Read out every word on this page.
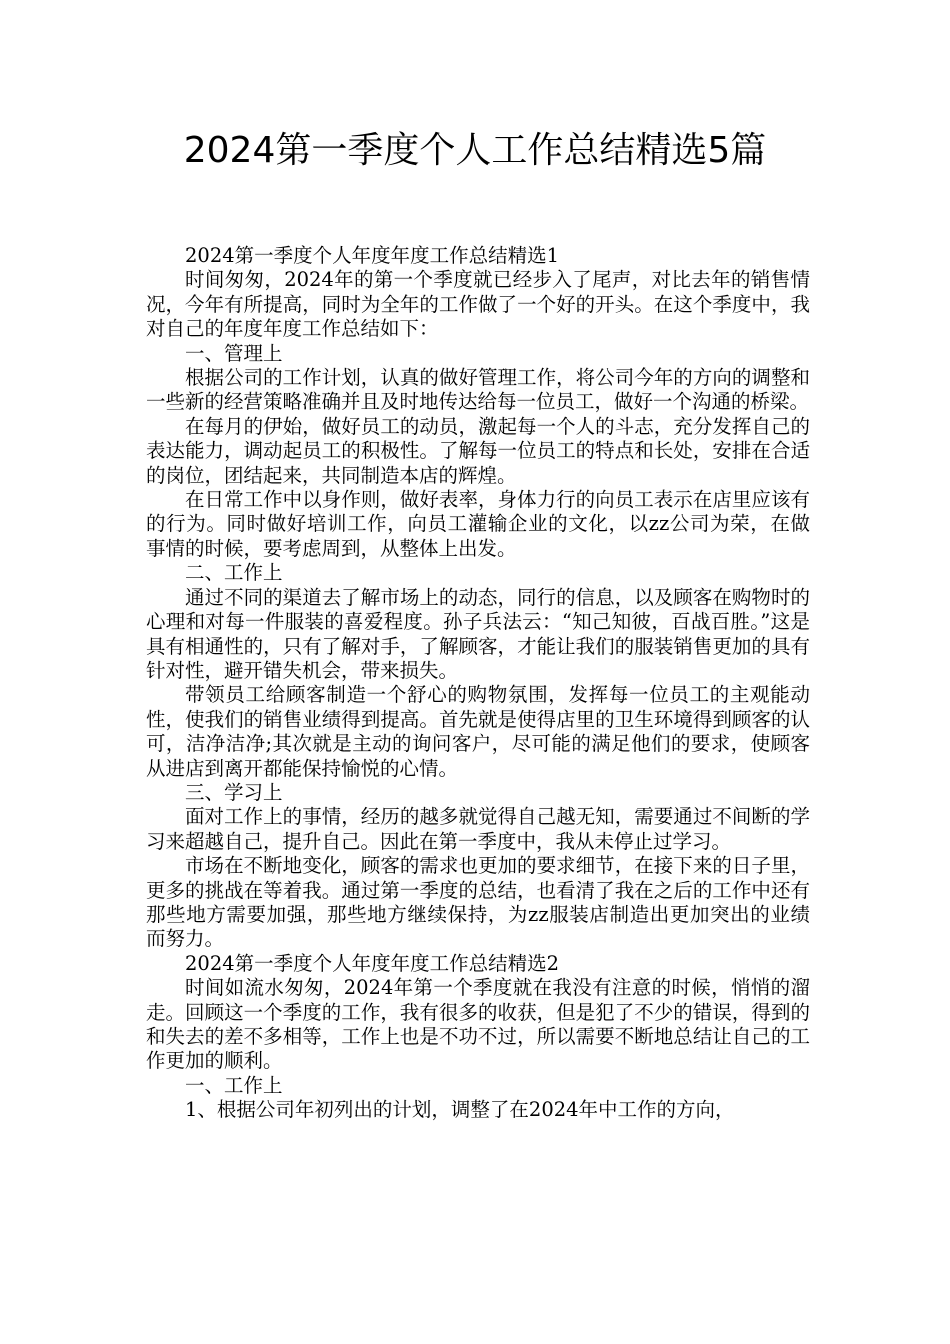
2024第一季度个人工作总结精选5篇

2024第一季度个人年度年度工作总结精选1

时间匆匆，2024年的第一个季度就已经步入了尾声，对比去年的销售情况，今年有所提高，同时为全年的工作做了一个好的开头。在这个季度中，我对自己的年度年度工作总结如下：

一、管理上

根据公司的工作计划，认真的做好管理工作，将公司今年的方向的调整和一些新的经营策略准确并且及时地传达给每一位员工，做好一个沟通的桥梁。

在每月的伊始，做好员工的动员，激起每一个人的斗志，充分发挥自己的表达能力，调动起员工的积极性。了解每一位员工的特点和长处，安排在合适的岗位，团结起来，共同制造本店的辉煌。

在日常工作中以身作则，做好表率，身体力行的向员工表示在店里应该有的行为。同时做好培训工作，向员工灌输企业的文化，以zz公司为荣，在做事情的时候，要考虑周到，从整体上出发。

二、工作上

通过不同的渠道去了解市场上的动态，同行的信息，以及顾客在购物时的心理和对每一件服装的喜爱程度。孙子兵法云：“知己知彼，百战百胜。”这是具有相通性的，只有了解对手，了解顾客，才能让我们的服装销售更加的具有针对性，避开错失机会，带来损失。

带领员工给顾客制造一个舒心的购物氛围，发挥每一位员工的主观能动性，使我们的销售业绩得到提高。首先就是使得店里的卫生环境得到顾客的认可，洁净洁净;其次就是主动的询问客户，尽可能的满足他们的要求，使顾客从进店到离开都能保持愉悦的心情。

三、学习上

面对工作上的事情，经历的越多就觉得自己越无知，需要通过不间断的学习来超越自己，提升自己。因此在第一季度中，我从未停止过学习。

市场在不断地变化，顾客的需求也更加的要求细节，在接下来的日子里，更多的挑战在等着我。通过第一季度的总结，也看清了我在之后的工作中还有那些地方需要加强，那些地方继续保持，为zz服装店制造出更加突出的业绩而努力。

2024第一季度个人年度年度工作总结精选2

时间如流水匆匆，2024年第一个季度就在我没有注意的时候，悄悄的溜走。回顾这一个季度的工作，我有很多的收获，但是犯了不少的错误，得到的和失去的差不多相等，工作上也是不功不过，所以需要不断地总结让自己的工作更加的顺利。

一、工作上

1、根据公司年初列出的计划，调整了在2024年中工作的方向，
